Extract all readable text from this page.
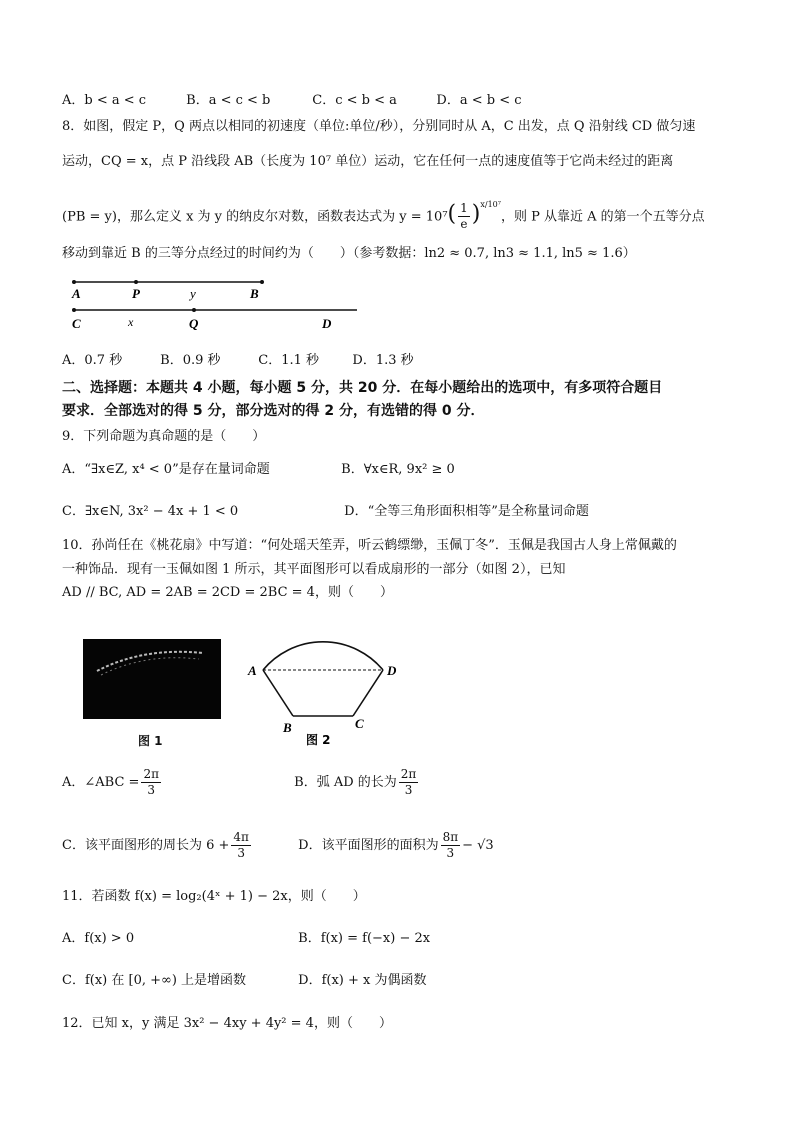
A．b < a < c	B．a < c < b	C．c < b < a	D．a < b < c
8．如图，假定 P，Q 两点以相同的初速度（单位:单位/秒），分别同时从 A，C 出发，点 Q 沿射线 CD 做匀速
运动，CQ = x，点 P 沿线段 AB（长度为 10⁷ 单位）运动，它在任何一点的速度值等于它尚未经过的距离
(PB = y)，那么定义 x 为 y 的纳皮尔对数，函数表达式为 $y = 10^7( \frac{1}{e} )^{x/10^7}$，则 P 从靠近 A 的第一个五等分点
移动到靠近 B 的三等分点经过的时间约为（　　）（参考数据：ln2 ≈ 0.7, ln3 ≈ 1.1, ln5 ≈ 1.6）
A	P	y	B
C	x	Q	D
A．0.7 秒	B．0.9 秒	C．1.1 秒	D．1.3 秒
二、选择题：本题共 4 小题，每小题 5 分，共 20 分．在每小题给出的选项中，有多项符合题目
要求．全部选对的得 5 分，部分选对的得 2 分，有选错的得 0 分．
9．下列命题为真命题的是（　　）
A．“∃x∈Z, x⁴ < 0”是存在量词命题	B．∀x∈R, 9x² ≥ 0
C．∃x∈N, 3x² − 4x + 1 < 0	D．“全等三角形面积相等”是全称量词命题
10．孙尚任在《桃花扇》中写道：“何处瑶天笙弄，听云鹤缥缈，玉佩丁冬”．玉佩是我国古人身上常佩戴的
一种饰品．现有一玉佩如图 1 所示，其平面图形可以看成扇形的一部分（如图 2），已知
AD // BC, AD = 2AB = 2CD = 2BC = 4，则（　　）
图 1
A	D
B	C
图 2
A．∠ABC = $\frac{2\pi}{3}$	B．弧 AD 的长为 $\frac{2\pi}{3}$
C．该平面图形的周长为 $6 + \frac{4\pi}{3}$	D．该平面图形的面积为 $\frac{8\pi}{3} - √3$
11．若函数 f(x) = log₂(4ˣ + 1) − 2x，则（　　）
A．f(x) > 0	B．f(x) = f(−x) − 2x
C．f(x) 在 [0, +∞) 上是增函数	D．f(x) + x 为偶函数
12．已知 x，y 满足 3x² − 4xy + 4y² = 4，则（　　）
